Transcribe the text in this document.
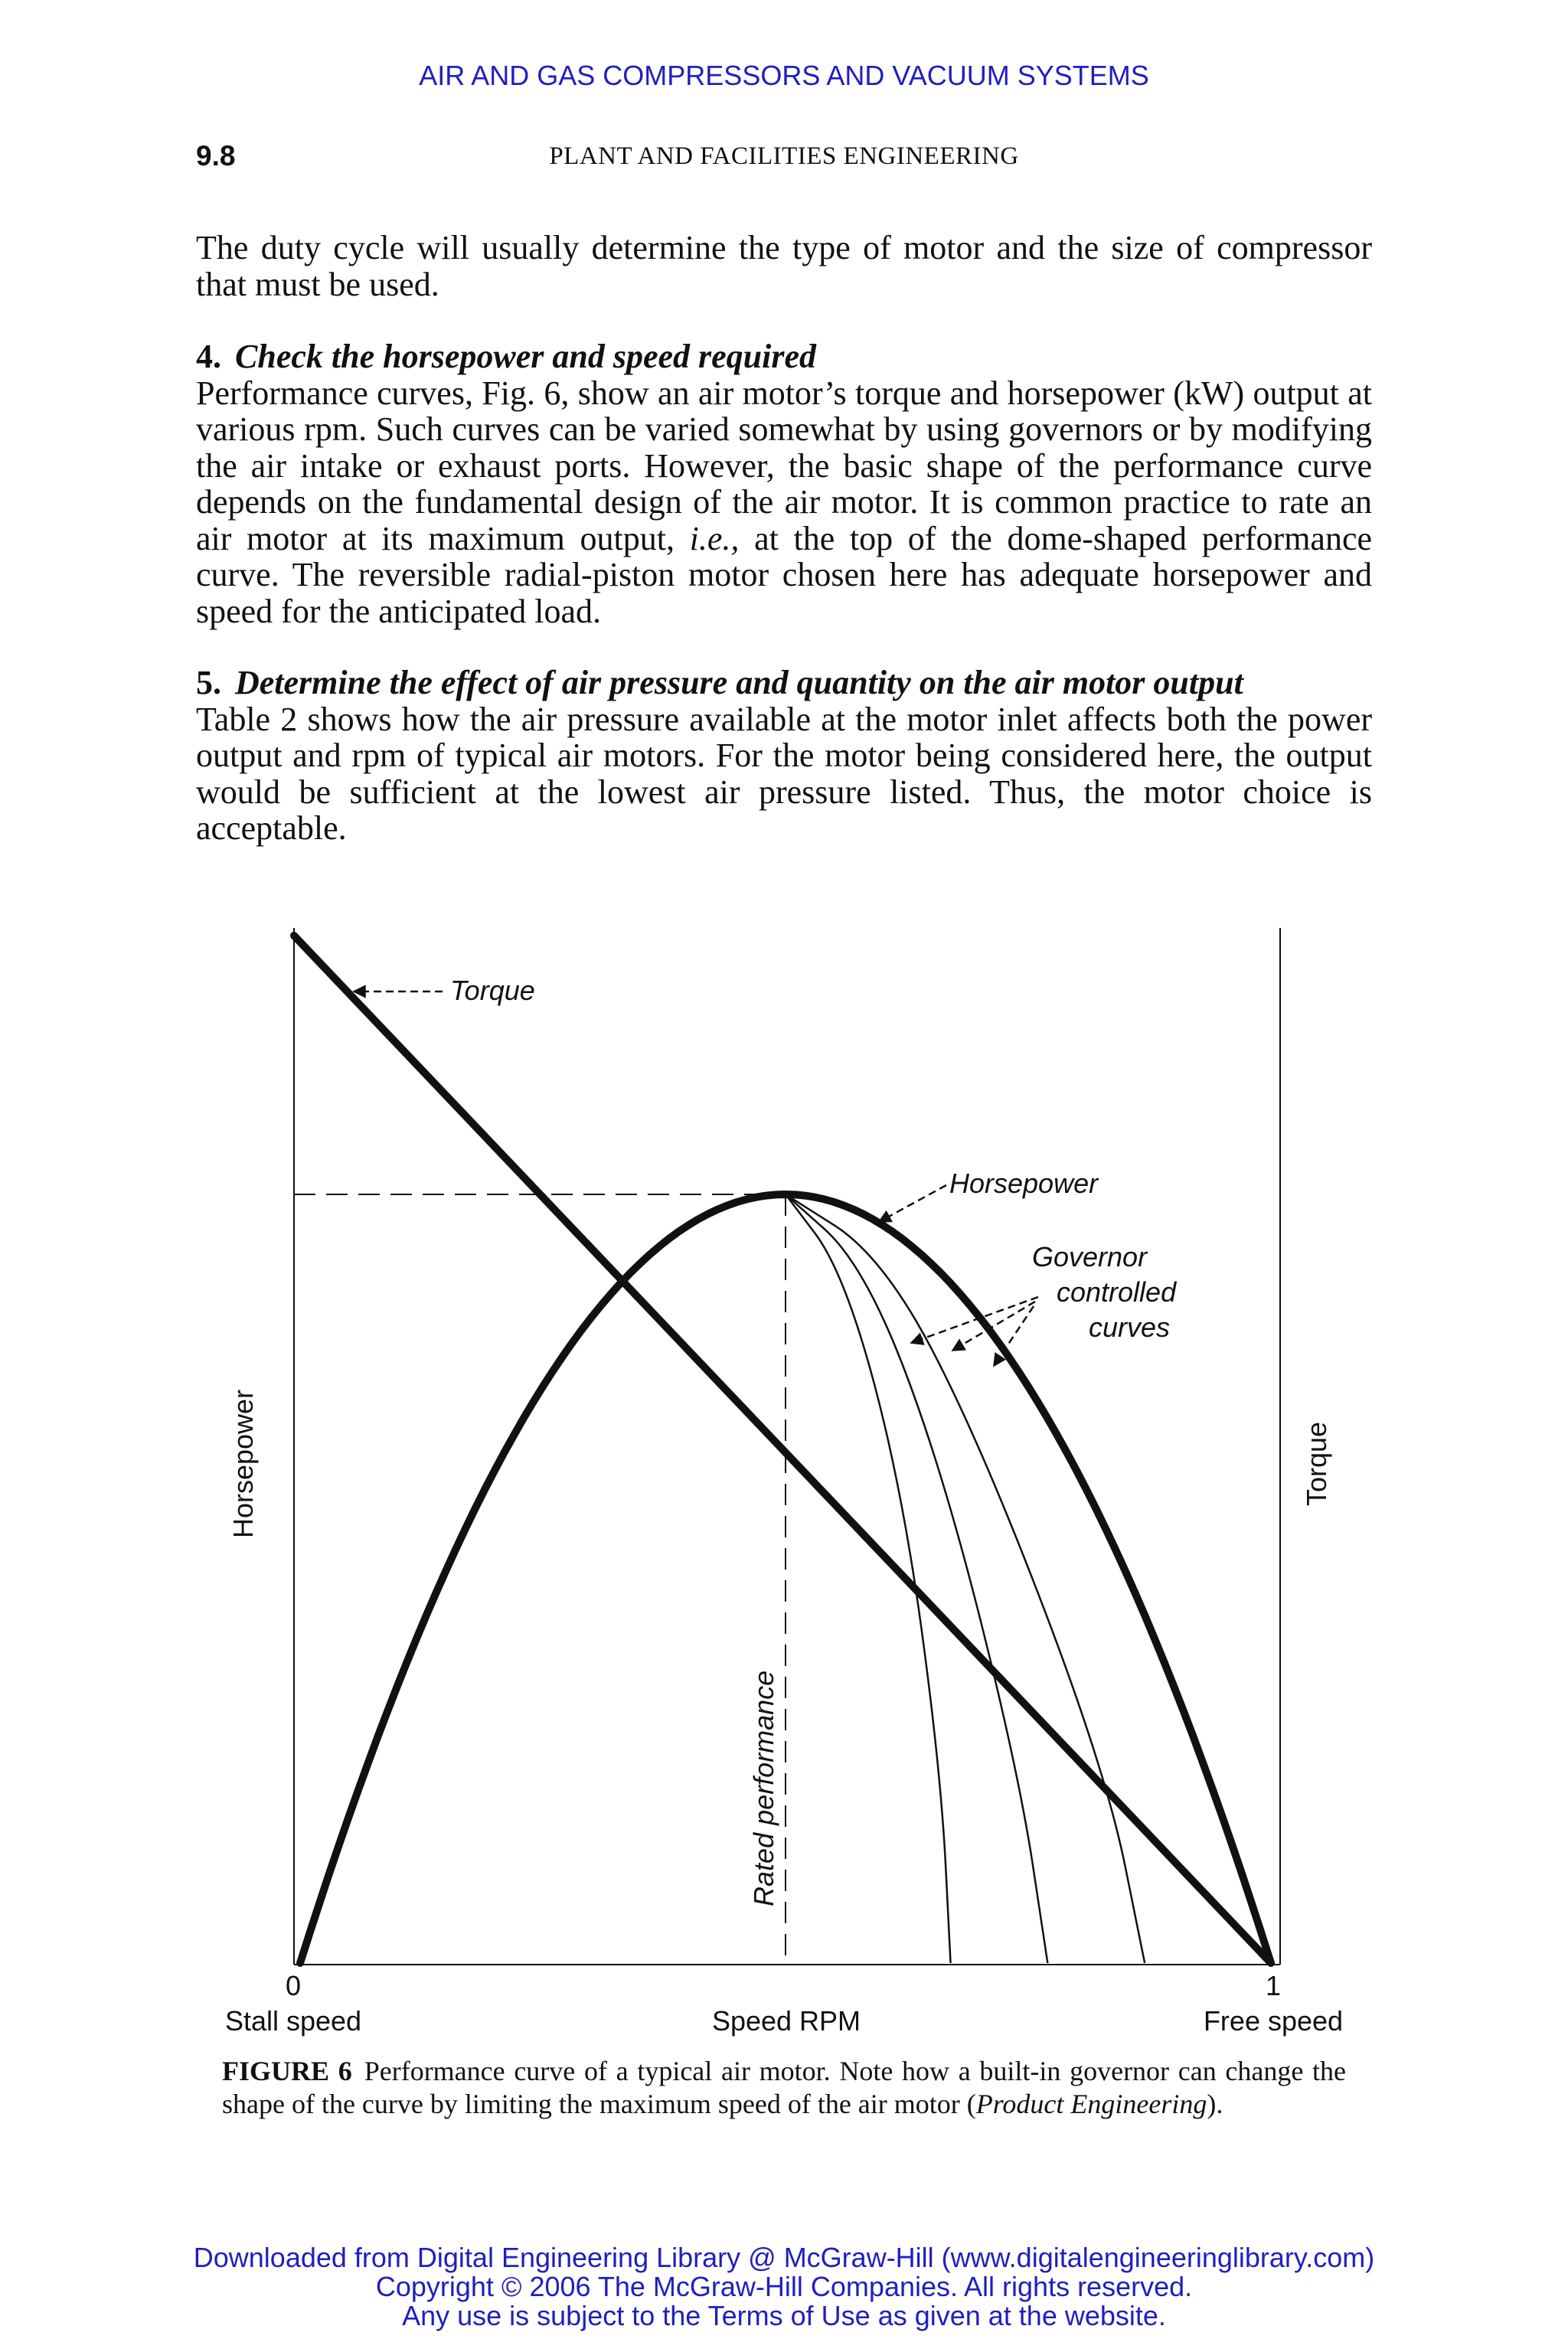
AIR AND GAS COMPRESSORS AND VACUUM SYSTEMS
9.8	PLANT AND FACILITIES ENGINEERING

The duty cycle will usually determine the type of motor and the size of compressor that must be used.

4. Check the horsepower and speed required

Performance curves, Fig. 6, show an air motor’s torque and horsepower (kW) output at various rpm. Such curves can be varied somewhat by using governors or by modifying the air intake or exhaust ports. However, the basic shape of the performance curve depends on the fundamental design of the air motor. It is common practice to rate an air motor at its maximum output, i.e., at the top of the dome-shaped performance curve. The reversible radial-piston motor chosen here has adequate horsepower and speed for the anticipated load.

5. Determine the effect of air pressure and quantity on the air motor output

Table 2 shows how the air pressure available at the motor inlet affects both the power output and rpm of typical air motors. For the motor being considered here, the output would be sufficient at the lowest air pressure listed. Thus, the motor choice is acceptable.

Torque
Horsepower
Governor
controlled
curves
Rated performance
Horsepower	Torque
0	1
Stall speed	Speed RPM	Free speed
FIGURE 6 Performance curve of a typical air motor. Note how a built-in governor can change the shape of the curve by limiting the maximum speed of the air motor (Product Engineering).
Downloaded from Digital Engineering Library @ McGraw-Hill (www.digitalengineeringlibrary.com)
Copyright © 2006 The McGraw-Hill Companies. All rights reserved.
Any use is subject to the Terms of Use as given at the website.
